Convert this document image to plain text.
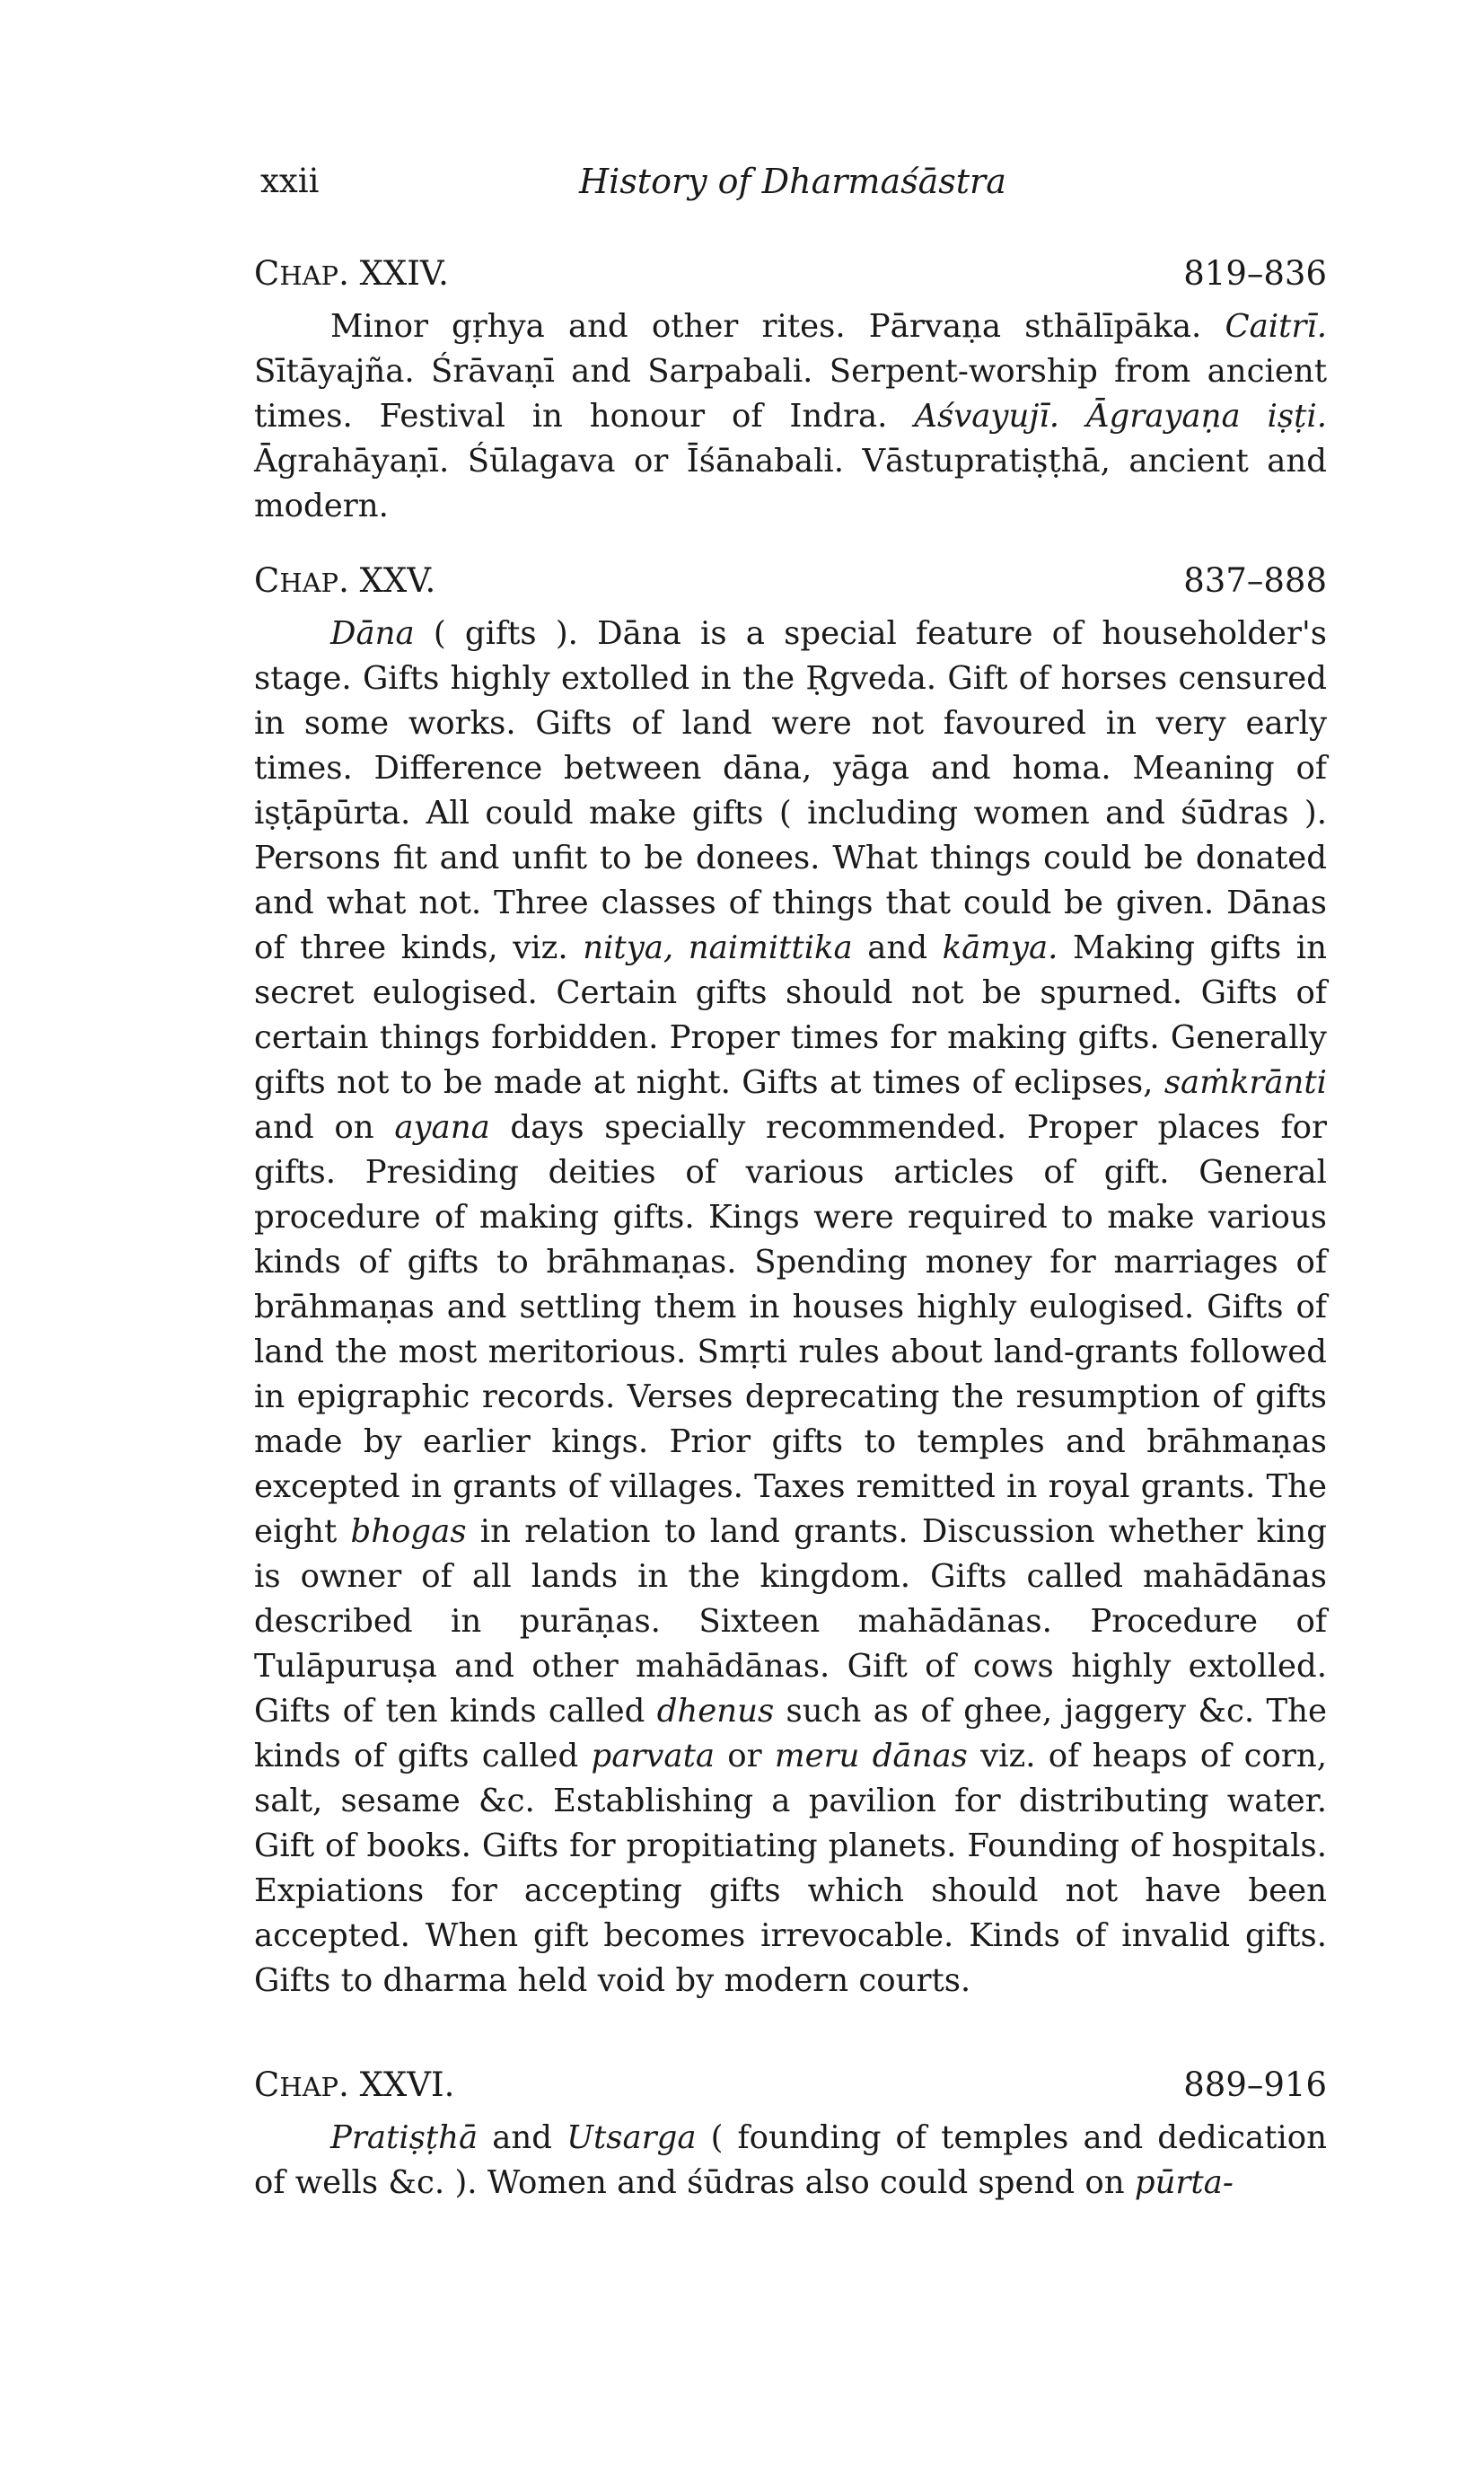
xxii	History of Dharmaśāstra
CHAP. XXIV.	819–836

Minor gṛhya and other rites. Pārvaṇa sthālīpāka. Caitrī. Sītāyajña. Śrāvaṇī and Sarpabali. Serpent-worship from ancient times. Festival in honour of Indra. Aśvayujī. Āgrayaṇa iṣṭi. Āgrahāyaṇī. Śūlagava or Īśānabali. Vāstupratiṣṭhā, ancient and modern.

CHAP. XXV.	837–888

Dāna ( gifts ). Dāna is a special feature of householder's stage. Gifts highly extolled in the Ṛgveda. Gift of horses censured in some works. Gifts of land were not favoured in very early times. Difference between dāna, yāga and homa. Meaning of iṣṭāpūrta. All could make gifts ( including women and śūdras ). Persons fit and unfit to be donees. What things could be donated and what not. Three classes of things that could be given. Dānas of three kinds, viz. nitya, naimittika and kāmya. Making gifts in secret eulogised. Certain gifts should not be spurned. Gifts of certain things forbidden. Proper times for making gifts. Generally gifts not to be made at night. Gifts at times of eclipses, saṁkrānti and on ayana days specially recommended. Proper places for gifts. Presiding deities of various articles of gift. General procedure of making gifts. Kings were required to make various kinds of gifts to brāhmaṇas. Spending money for marriages of brāhmaṇas and settling them in houses highly eulogised. Gifts of land the most meritorious. Smṛti rules about land-grants followed in epigraphic records. Verses deprecating the resumption of gifts made by earlier kings. Prior gifts to temples and brāhmaṇas excepted in grants of villages. Taxes remitted in royal grants. The eight bhogas in relation to land grants. Discussion whether king is owner of all lands in the kingdom. Gifts called mahādānas described in purāṇas. Sixteen mahādānas. Procedure of Tulāpuruṣa and other mahādānas. Gift of cows highly extolled. Gifts of ten kinds called dhenus such as of ghee, jaggery &c. The kinds of gifts called parvata or meru dānas viz. of heaps of corn, salt, sesame &c. Establishing a pavilion for distributing water. Gift of books. Gifts for propitiating planets. Founding of hospitals. Expiations for accepting gifts which should not have been accepted. When gift becomes irrevocable. Kinds of invalid gifts. Gifts to dharma held void by modern courts.

CHAP. XXVI.	889–916

Pratiṣṭhā and Utsarga ( founding of temples and dedication of wells &c. ). Women and śūdras also could spend on pūrta-
